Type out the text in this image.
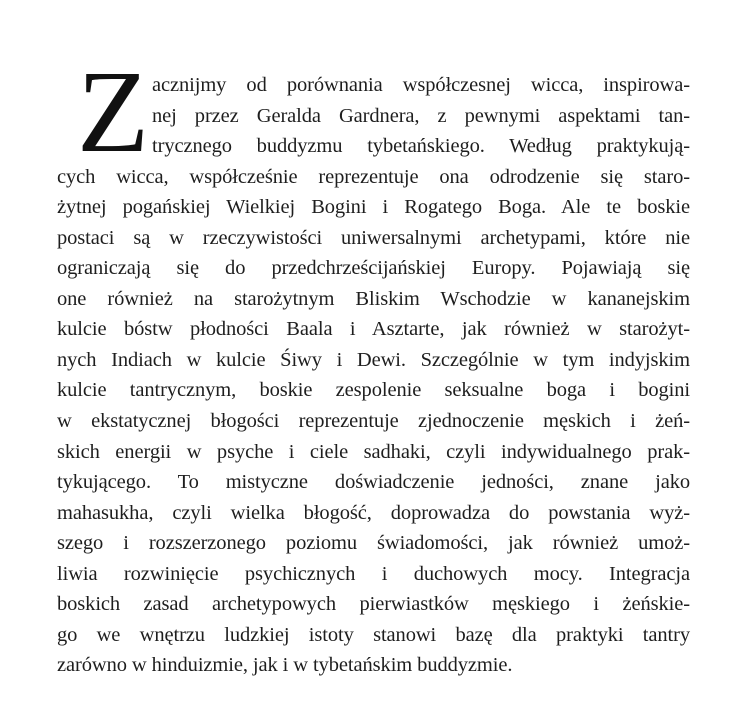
Z acznijmy od porównania współczesnej wicca, inspirowa-
nej przez Geralda Gardnera, z pewnymi aspektami tan-
trycznego buddyzmu tybetańskiego. Według praktykują-
cych wicca, współcześnie reprezentuje ona odrodzenie się staro-
żytnej pogańskiej Wielkiej Bogini i Rogatego Boga. Ale te boskie
postaci są w rzeczywistości uniwersalnymi archetypami, które nie
ograniczają się do przedchrześcijańskiej Europy. Pojawiają się
one również na starożytnym Bliskim Wschodzie w kananejskim
kulcie bóstw płodności Baala i Asztarte, jak również w starożyt-
nych Indiach w kulcie Śiwy i Dewi. Szczególnie w tym indyjskim
kulcie tantrycznym, boskie zespolenie seksualne boga i bogini
w ekstatycznej błogości reprezentuje zjednoczenie męskich i żeń-
skich energii w psyche i ciele sadhaki, czyli indywidualnego prak-
tykującego. To mistyczne doświadczenie jedności, znane jako
mahasukha, czyli wielka błogość, doprowadza do powstania wyż-
szego i rozszerzonego poziomu świadomości, jak również umoż-
liwia rozwinięcie psychicznych i duchowych mocy. Integracja
boskich zasad archetypowych pierwiastków męskiego i żeńskie-
go we wnętrzu ludzkiej istoty stanowi bazę dla praktyki tantry
zarówno w hinduizmie, jak i w tybetańskim buddyzmie.
